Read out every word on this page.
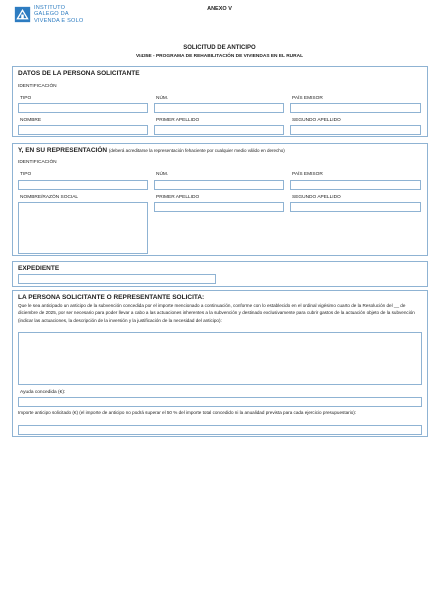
INSTITUTO
GALEGO DA
VIVENDA E SOLO
ANEXO V
SOLICITUD DE ANTICIPO
VI435E - PROGRAMA DE REHABILITACIÓN DE VIVIENDAS EN EL RURAL
DATOS DE LA PERSONA SOLICITANTE
IDENTIFICACIÓN
TIPO	NÚM.	PAÍS EMISOR
NOMBRE	PRIMER APELLIDO	SEGUNDO APELLIDO
Y, EN SU REPRESENTACIÓN (deberá acreditarse la representación fehaciente por cualquier medio válido en derecho)
IDENTIFICACIÓN
TIPO	NÚM.	PAÍS EMISOR
NOMBRE/RAZÓN SOCIAL	PRIMER APELLIDO	SEGUNDO APELLIDO
EXPEDIENTE
LA PERSONA SOLICITANTE O REPRESENTANTE SOLICITA:
Que le sea anticipado un anticipo de la subvención concedida por el importe mencionado a continuación, conforme con lo establecido en el ordinal vigésimo cuarto de la Resolución del __ de diciembre de 2025, por ser necesario para poder llevar a cabo a las actuaciones inherentes a la subvención y destinado exclusivamente para cubrir gastos de la actuación objeto de la subvención (indicar las actuaciones, la descripción de la inversión y la justificación de la necesidad del anticipo):
Ayuda concedida (€):
Importe anticipo solicitado (€) (el importe de anticipo no podrá superar el 50 % del importe total concedido ni la anualidad prevista para cada ejercicio presupuestario):
